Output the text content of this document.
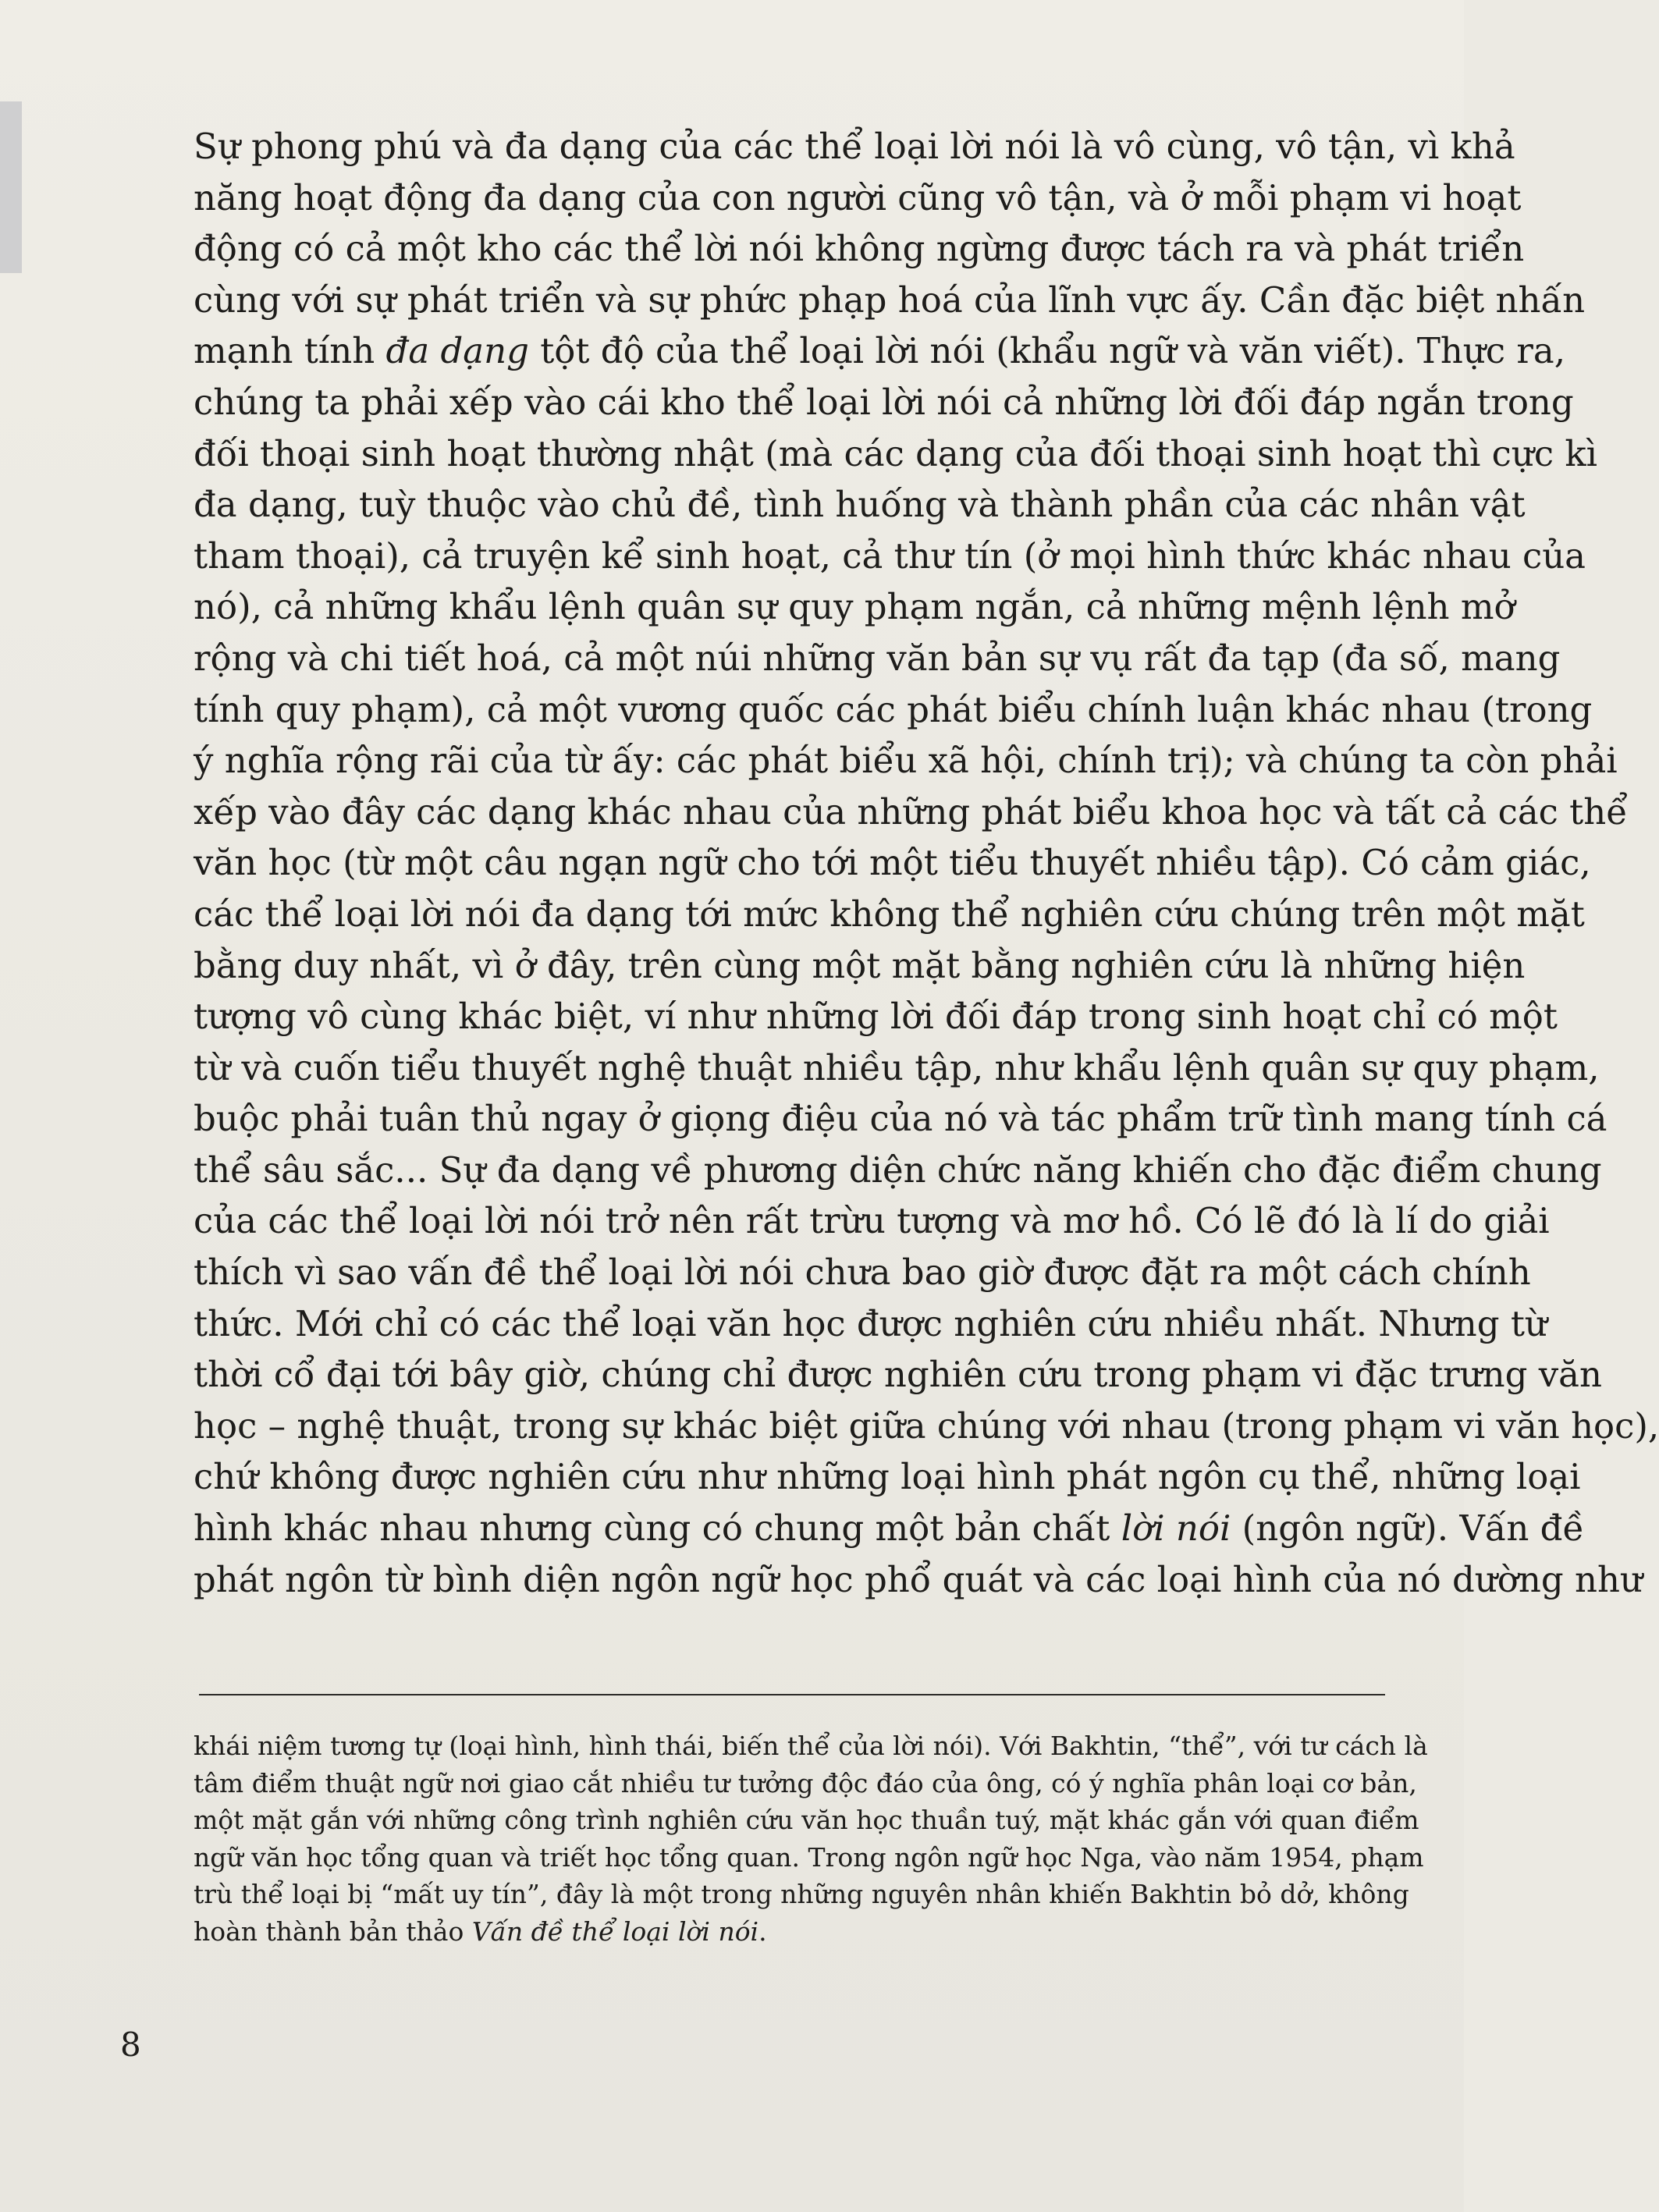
Sự phong phú và đa dạng của các thể loại lời nói là vô cùng, vô tận, vì khả
năng hoạt động đa dạng của con người cũng vô tận, và ở mỗi phạm vi hoạt
động có cả một kho các thể lời nói không ngừng được tách ra và phát triển
cùng với sự phát triển và sự phức phạp hoá của lĩnh vực ấy. Cần đặc biệt nhấn
mạnh tính đa dạng tột độ của thể loại lời nói (khẩu ngữ và văn viết). Thực ra,
chúng ta phải xếp vào cái kho thể loại lời nói cả những lời đối đáp ngắn trong
đối thoại sinh hoạt thường nhật (mà các dạng của đối thoại sinh hoạt thì cực kì
đa dạng, tuỳ thuộc vào chủ đề, tình huống và thành phần của các nhân vật
tham thoại), cả truyện kể sinh hoạt, cả thư tín (ở mọi hình thức khác nhau của
nó), cả những khẩu lệnh quân sự quy phạm ngắn, cả những mệnh lệnh mở
rộng và chi tiết hoá, cả một núi những văn bản sự vụ rất đa tạp (đa số, mang
tính quy phạm), cả một vương quốc các phát biểu chính luận khác nhau (trong
ý nghĩa rộng rãi của từ ấy: các phát biểu xã hội, chính trị); và chúng ta còn phải
xếp vào đây các dạng khác nhau của những phát biểu khoa học và tất cả các thể
văn học (từ một câu ngạn ngữ cho tới một tiểu thuyết nhiều tập). Có cảm giác,
các thể loại lời nói đa dạng tới mức không thể nghiên cứu chúng trên một mặt
bằng duy nhất, vì ở đây, trên cùng một mặt bằng nghiên cứu là những hiện
tượng vô cùng khác biệt, ví như những lời đối đáp trong sinh hoạt chỉ có một
từ và cuốn tiểu thuyết nghệ thuật nhiều tập, như khẩu lệnh quân sự quy phạm,
buộc phải tuân thủ ngay ở giọng điệu của nó và tác phẩm trữ tình mang tính cá
thể sâu sắc... Sự đa dạng về phương diện chức năng khiến cho đặc điểm chung
của các thể loại lời nói trở nên rất trừu tượng và mơ hồ. Có lẽ đó là lí do giải
thích vì sao vấn đề thể loại lời nói chưa bao giờ được đặt ra một cách chính
thức. Mới chỉ có các thể loại văn học được nghiên cứu nhiều nhất. Nhưng từ
thời cổ đại tới bây giờ, chúng chỉ được nghiên cứu trong phạm vi đặc trưng văn
học – nghệ thuật, trong sự khác biệt giữa chúng với nhau (trong phạm vi văn học),
chứ không được nghiên cứu như những loại hình phát ngôn cụ thể, những loại
hình khác nhau nhưng cùng có chung một bản chất lời nói (ngôn ngữ). Vấn đề
phát ngôn từ bình diện ngôn ngữ học phổ quát và các loại hình của nó dường như
khái niệm tương tự (loại hình, hình thái, biến thể của lời nói). Với Bakhtin, “thể”, với tư cách là
tâm điểm thuật ngữ nơi giao cắt nhiều tư tưởng độc đáo của ông, có ý nghĩa phân loại cơ bản,
một mặt gắn với những công trình nghiên cứu văn học thuần tuý, mặt khác gắn với quan điểm
ngữ văn học tổng quan và triết học tổng quan. Trong ngôn ngữ học Nga, vào năm 1954, phạm
trù thể loại bị “mất uy tín”, đây là một trong những nguyên nhân khiến Bakhtin bỏ dở, không
hoàn thành bản thảo Vấn đề thể loại lời nói.
8
